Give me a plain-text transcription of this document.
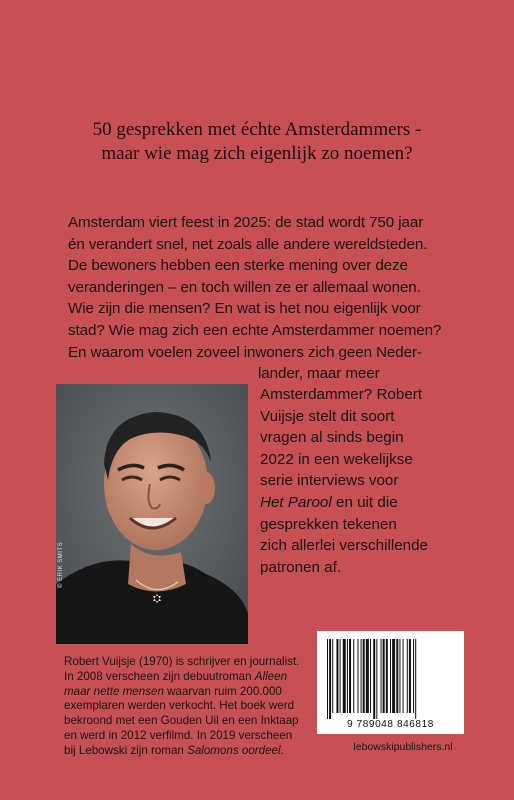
50 gesprekken met échte Amsterdammers -
maar wie mag zich eigenlijk zo noemen?
Amsterdam viert feest in 2025: de stad wordt 750 jaar
én verandert snel, net zoals alle andere wereldsteden.
De bewoners hebben een sterke mening over deze
veranderingen – en toch willen ze er allemaal wonen.
Wie zijn die mensen? En wat is het nou eigenlijk voor
stad? Wie mag zich een echte Amsterdammer noemen?
En waarom voelen zoveel inwoners zich geen Neder-
lander, maar meer
Amsterdammer? Robert
Vuijsje stelt dit soort
vragen al sinds begin
2022 in een wekelijkse
serie interviews voor
Het Parool en uit die
gesprekken tekenen
zich allerlei verschillende
patronen af.
© ERIK SMITS
Robert Vuijsje (1970) is schrijver en journalist.
In 2008 verscheen zijn debuutroman Alleen
maar nette mensen waarvan ruim 200.000
exemplaren werden verkocht. Het boek werd
bekroond met een Gouden Uil en een Inktaap
en werd in 2012 verfilmd. In 2019 verscheen
bij Lebowski zijn roman Salomons oordeel.
9 789048 846818
lebowskipublishers.nl
